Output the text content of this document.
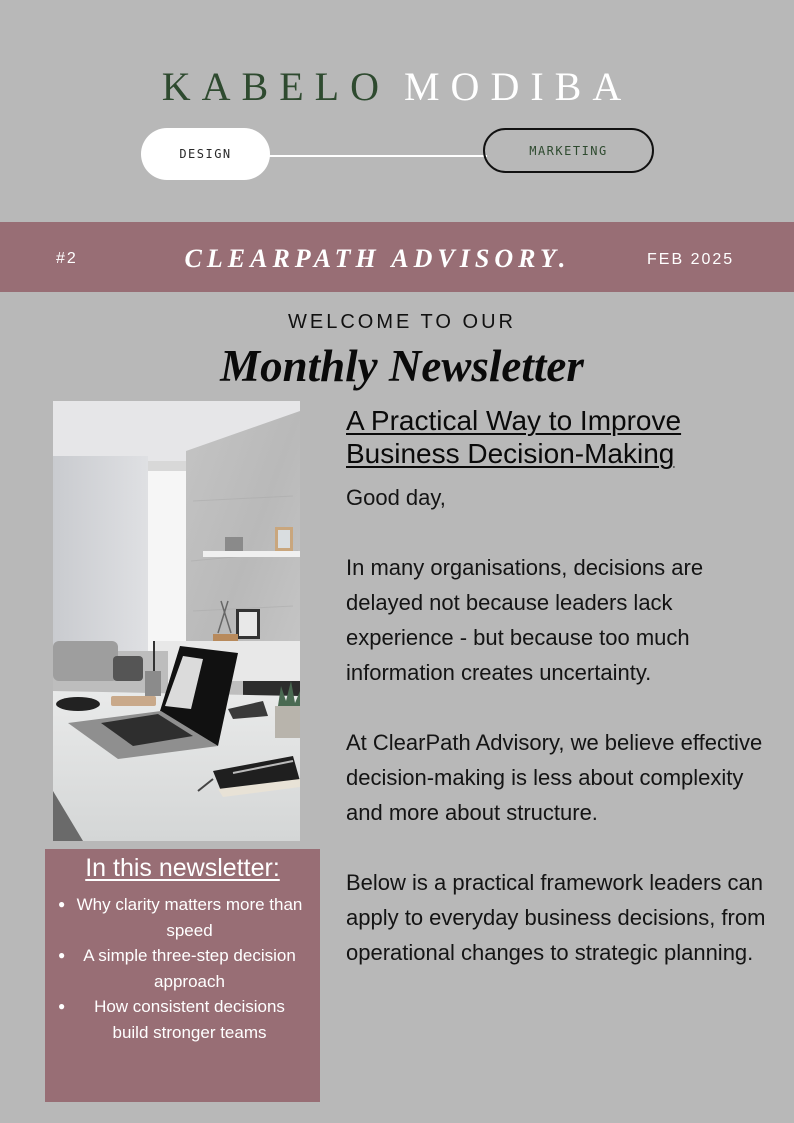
KABELO MODIBA
DESIGN	MARKETING
#2	CLEARPATH ADVISORY.	FEB 2025
WELCOME TO OUR
Monthly Newsletter
In this newsletter:
● Why clarity matters more than speed
● A simple three-step decision approach
● How consistent decisions build stronger teams
A Practical Way to Improve Business Decision-Making

Good day,

In many organisations, decisions are delayed not because leaders lack experience - but because too much information creates uncertainty.

At ClearPath Advisory, we believe effective decision-making is less about complexity and more about structure.

Below is a practical framework leaders can apply to everyday business decisions, from operational changes to strategic planning.
